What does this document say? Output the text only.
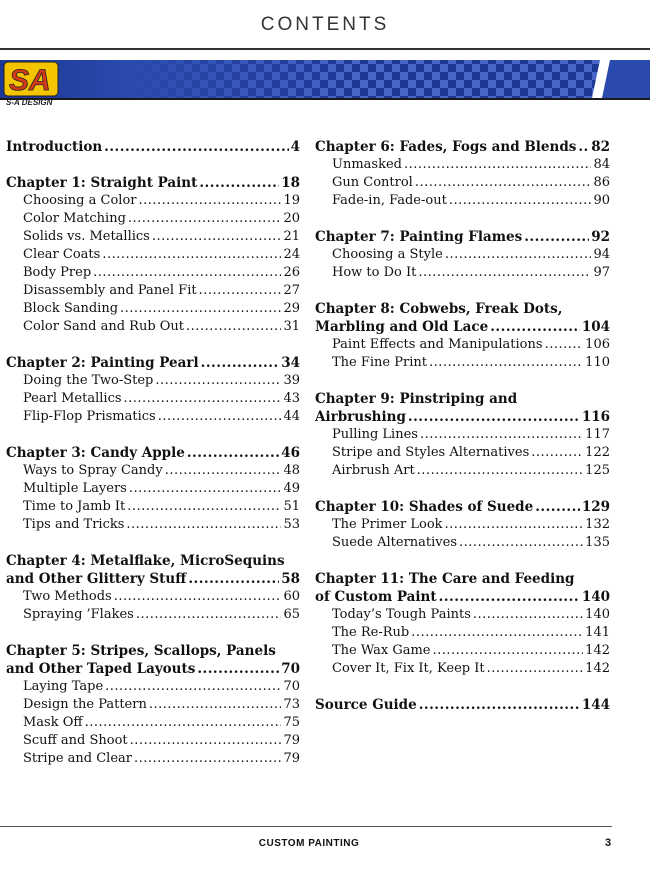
CONTENTS
SA
S-A DESIGN
Introduction .....	4
Chapter 1: Straight Paint .....	18
Choosing a Color .....	19
Color Matching .....	20
Solids vs. Metallics .....	21
Clear Coats .....	24
Body Prep .....	26
Disassembly and Panel Fit .....	27
Block Sanding .....	29
Color Sand and Rub Out .....	31
Chapter 2: Painting Pearl .....	34
Doing the Two-Step .....	39
Pearl Metallics .....	43
Flip-Flop Prismatics .....	44
Chapter 3: Candy Apple .....	46
Ways to Spray Candy .....	48
Multiple Layers .....	49
Time to Jamb It .....	51
Tips and Tricks .....	53
Chapter 4: Metalflake, MicroSequins
and Other Glittery Stuff .....	58
Two Methods .....	60
Spraying ’Flakes .....	65
Chapter 5: Stripes, Scallops, Panels
and Other Taped Layouts .....	70
Laying Tape .....	70
Design the Pattern .....	73
Mask Off .....	75
Scuff and Shoot .....	79
Stripe and Clear .....	79
Chapter 6: Fades, Fogs and Blends ..... 82
Unmasked .....	84
Gun Control .....	86
Fade-in, Fade-out .....	90
Chapter 7: Painting Flames .....	92
Choosing a Style .....	94
How to Do It .....	97
Chapter 8: Cobwebs, Freak Dots,
Marbling and Old Lace .....	104
Paint Effects and Manipulations .....	106
The Fine Print .....	110
Chapter 9: Pinstriping and
Airbrushing .....	116
Pulling Lines .....	117
Stripe and Styles Alternatives .....	122
Airbrush Art .....	125
Chapter 10: Shades of Suede .....	129
The Primer Look .....	132
Suede Alternatives .....	135
Chapter 11: The Care and Feeding
of Custom Paint .....	140
Today’s Tough Paints .....	140
The Re-Rub .....	141
The Wax Game .....	142
Cover It, Fix It, Keep It .....	142
Source Guide .....	144
CUSTOM PAINTING	3
